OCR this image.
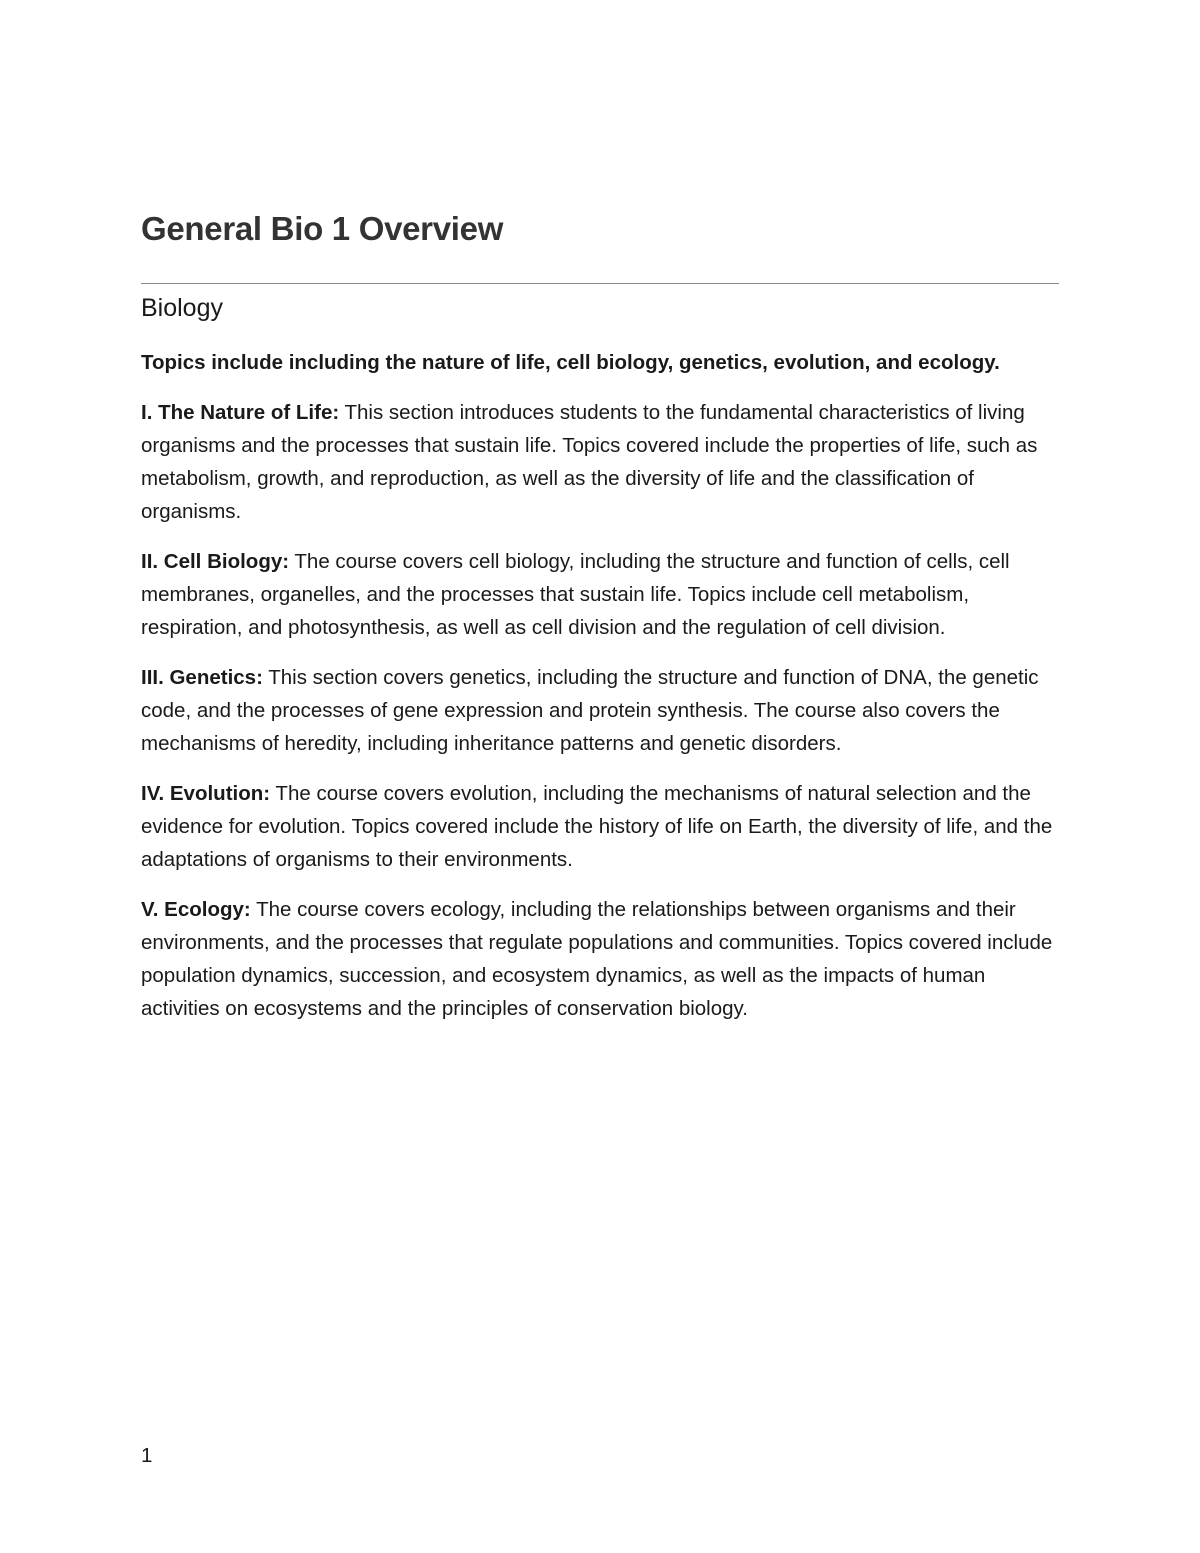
General Bio 1 Overview
Biology

Topics include including the nature of life, cell biology, genetics, evolution, and ecology.

I. The Nature of Life: This section introduces students to the fundamental characteristics of living organisms and the processes that sustain life. Topics covered include the properties of life, such as metabolism, growth, and reproduction, as well as the diversity of life and the classification of organisms.

II. Cell Biology: The course covers cell biology, including the structure and function of cells, cell membranes, organelles, and the processes that sustain life. Topics include cell metabolism, respiration, and photosynthesis, as well as cell division and the regulation of cell division.

III. Genetics: This section covers genetics, including the structure and function of DNA, the genetic code, and the processes of gene expression and protein synthesis. The course also covers the mechanisms of heredity, including inheritance patterns and genetic disorders.

IV. Evolution: The course covers evolution, including the mechanisms of natural selection and the evidence for evolution. Topics covered include the history of life on Earth, the diversity of life, and the adaptations of organisms to their environments.

V. Ecology: The course covers ecology, including the relationships between organisms and their environments, and the processes that regulate populations and communities. Topics covered include population dynamics, succession, and ecosystem dynamics, as well as the impacts of human activities on ecosystems and the principles of conservation biology.

1
